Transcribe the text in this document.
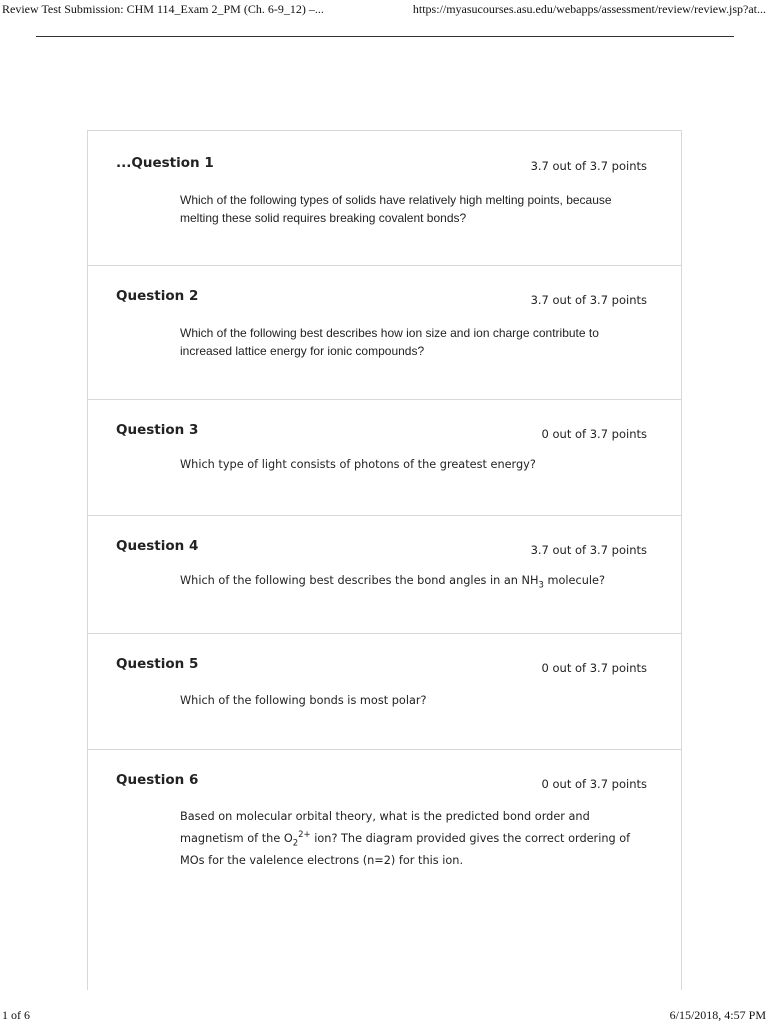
Review Test Submission: CHM 114_Exam 2_PM (Ch. 6-9_12) –...	https://myasucourses.asu.edu/webapps/assessment/review/review.jsp?at...
...Question 1	3.7 out of 3.7 points
Which of the following types of solids have relatively high melting points, because melting these solid requires breaking covalent bonds?
Question 2	3.7 out of 3.7 points
Which of the following best describes how ion size and ion charge contribute to increased lattice energy for ionic compounds?
Question 3	0 out of 3.7 points
Which type of light consists of photons of the greatest energy?
Question 4	3.7 out of 3.7 points
Which of the following best describes the bond angles in an $NH_3$ molecule?
Question 5	0 out of 3.7 points
Which of the following bonds is most polar?
Question 6	0 out of 3.7 points
Based on molecular orbital theory, what is the predicted bond order and magnetism of the $O_2^{2+}$ ion? The diagram provided gives the correct ordering of MOs for the valelence electrons (n=2) for this ion.
1 of 6	6/15/2018, 4:57 PM
